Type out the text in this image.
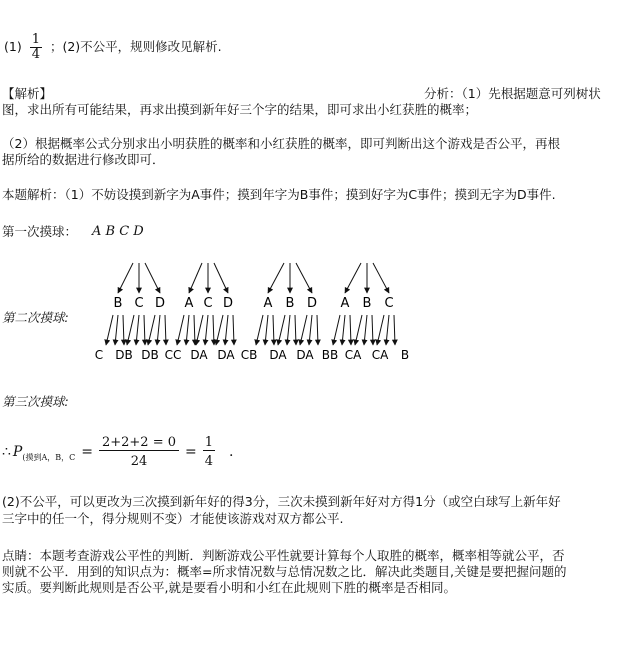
$(1) \frac{1}{4}$ ；(2)不公平，规则修改见解析.
【解析】	分析：（1）先根据题意可列树状
图，求出所有可能结果，再求出摸到新年好三个字的结果，即可求出小红获胜的概率；
（2）根据概率公式分别求出小明获胜的概率和小红获胜的概率，即可判断出这个游戏是否公平，再根
据所给的数据进行修改即可．
本题解析：（1）不妨设摸到新字为A事件；摸到年字为B事件；摸到好字为C事件；摸到无字为D事件.
第一次摸球： A B C D
第二次摸球:
第三次摸球:
B C D A C D A B D A B C
C DB DB CC DA DA CB DA DA BB CA CA B
∴ P (摸到A，B，$C = \frac{2+2+2 = 0}{24} = \frac{1}{4}$ .
(2)不公平，可以更改为三次摸到新年好的得3分，三次未摸到新年好对方得1分（或空白球写上新年好
三字中的任一个，得分规则不变）才能使该游戏对双方都公平.
点睛：本题考查游戏公平性的判断．判断游戏公平性就要计算每个人取胜的概率，概率相等就公平，否
则就不公平．用到的知识点为：概率=所求情况数与总情况数之比．解决此类题目,关键是要把握问题的
实质。要判断此规则是否公平,就是要看小明和小红在此规则下胜的概率是否相同。
